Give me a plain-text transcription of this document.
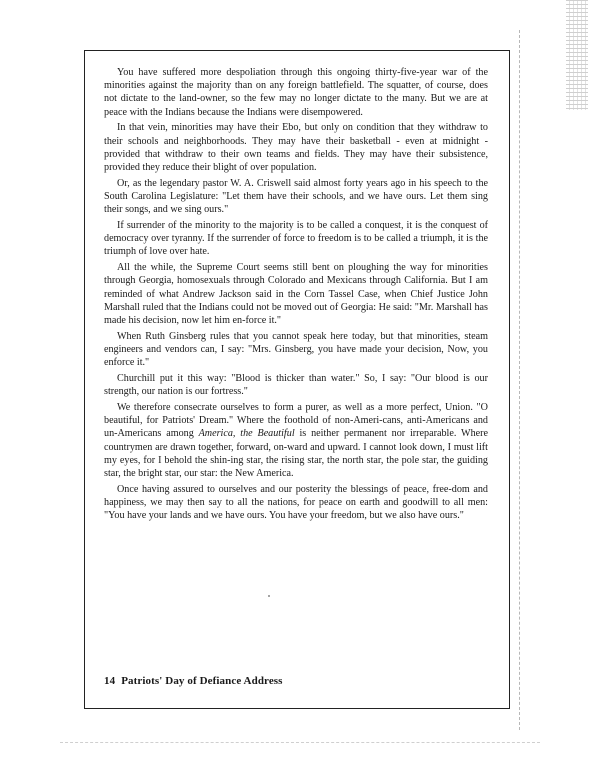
You have suffered more despoliation through this ongoing thirty-five-year war of the minorities against the majority than on any foreign battlefield. The squatter, of course, does not dictate to the land-owner, so the few may no longer dictate to the many. But we are at peace with the Indians because the Indians were disempowered.

In that vein, minorities may have their Ebo, but only on condition that they withdraw to their schools and neighborhoods. They may have their basketball - even at midnight - provided that withdraw to their own teams and fields. They may have their subsistence, provided they reduce their blight of over population.

Or, as the legendary pastor W. A. Criswell said almost forty years ago in his speech to the South Carolina Legislature: "Let them have their schools, and we have ours. Let them sing their songs, and we sing ours."

If surrender of the minority to the majority is to be called a conquest, it is the conquest of democracy over tyranny. If the surrender of force to freedom is to be called a triumph, it is the triumph of love over hate.

All the while, the Supreme Court seems still bent on ploughing the way for minorities through Georgia, homosexuals through Colorado and Mexicans through California. But I am reminded of what Andrew Jackson said in the Corn Tassel Case, when Chief Justice John Marshall ruled that the Indians could not be moved out of Georgia: He said: "Mr. Marshall has made his decision, now let him en-force it."

When Ruth Ginsberg rules that you cannot speak here today, but that minorities, steam engineers and vendors can, I say: "Mrs. Ginsberg, you have made your decision, Now, you enforce it."

Churchill put it this way: "Blood is thicker than water." So, I say: "Our blood is our strength, our nation is our fortress."

We therefore consecrate ourselves to form a purer, as well as a more perfect, Union. "O beautiful, for Patriots' Dream." Where the foothold of non-Ameri-cans, anti-Americans and un-Americans among America, the Beautiful is neither permanent nor irreparable. Where countrymen are drawn together, forward, on-ward and upward. I cannot look down, I must lift my eyes, for I behold the shin-ing star, the rising star, the north star, the pole star, the guiding star, the bright star, our star: the New America.

Once having assured to ourselves and our posterity the blessings of peace, free-dom and happiness, we may then say to all the nations, for peace on earth and goodwill to all men: "You have your lands and we have ours. You have your freedom, but we also have ours."

14 Patriots' Day of Defiance Address
